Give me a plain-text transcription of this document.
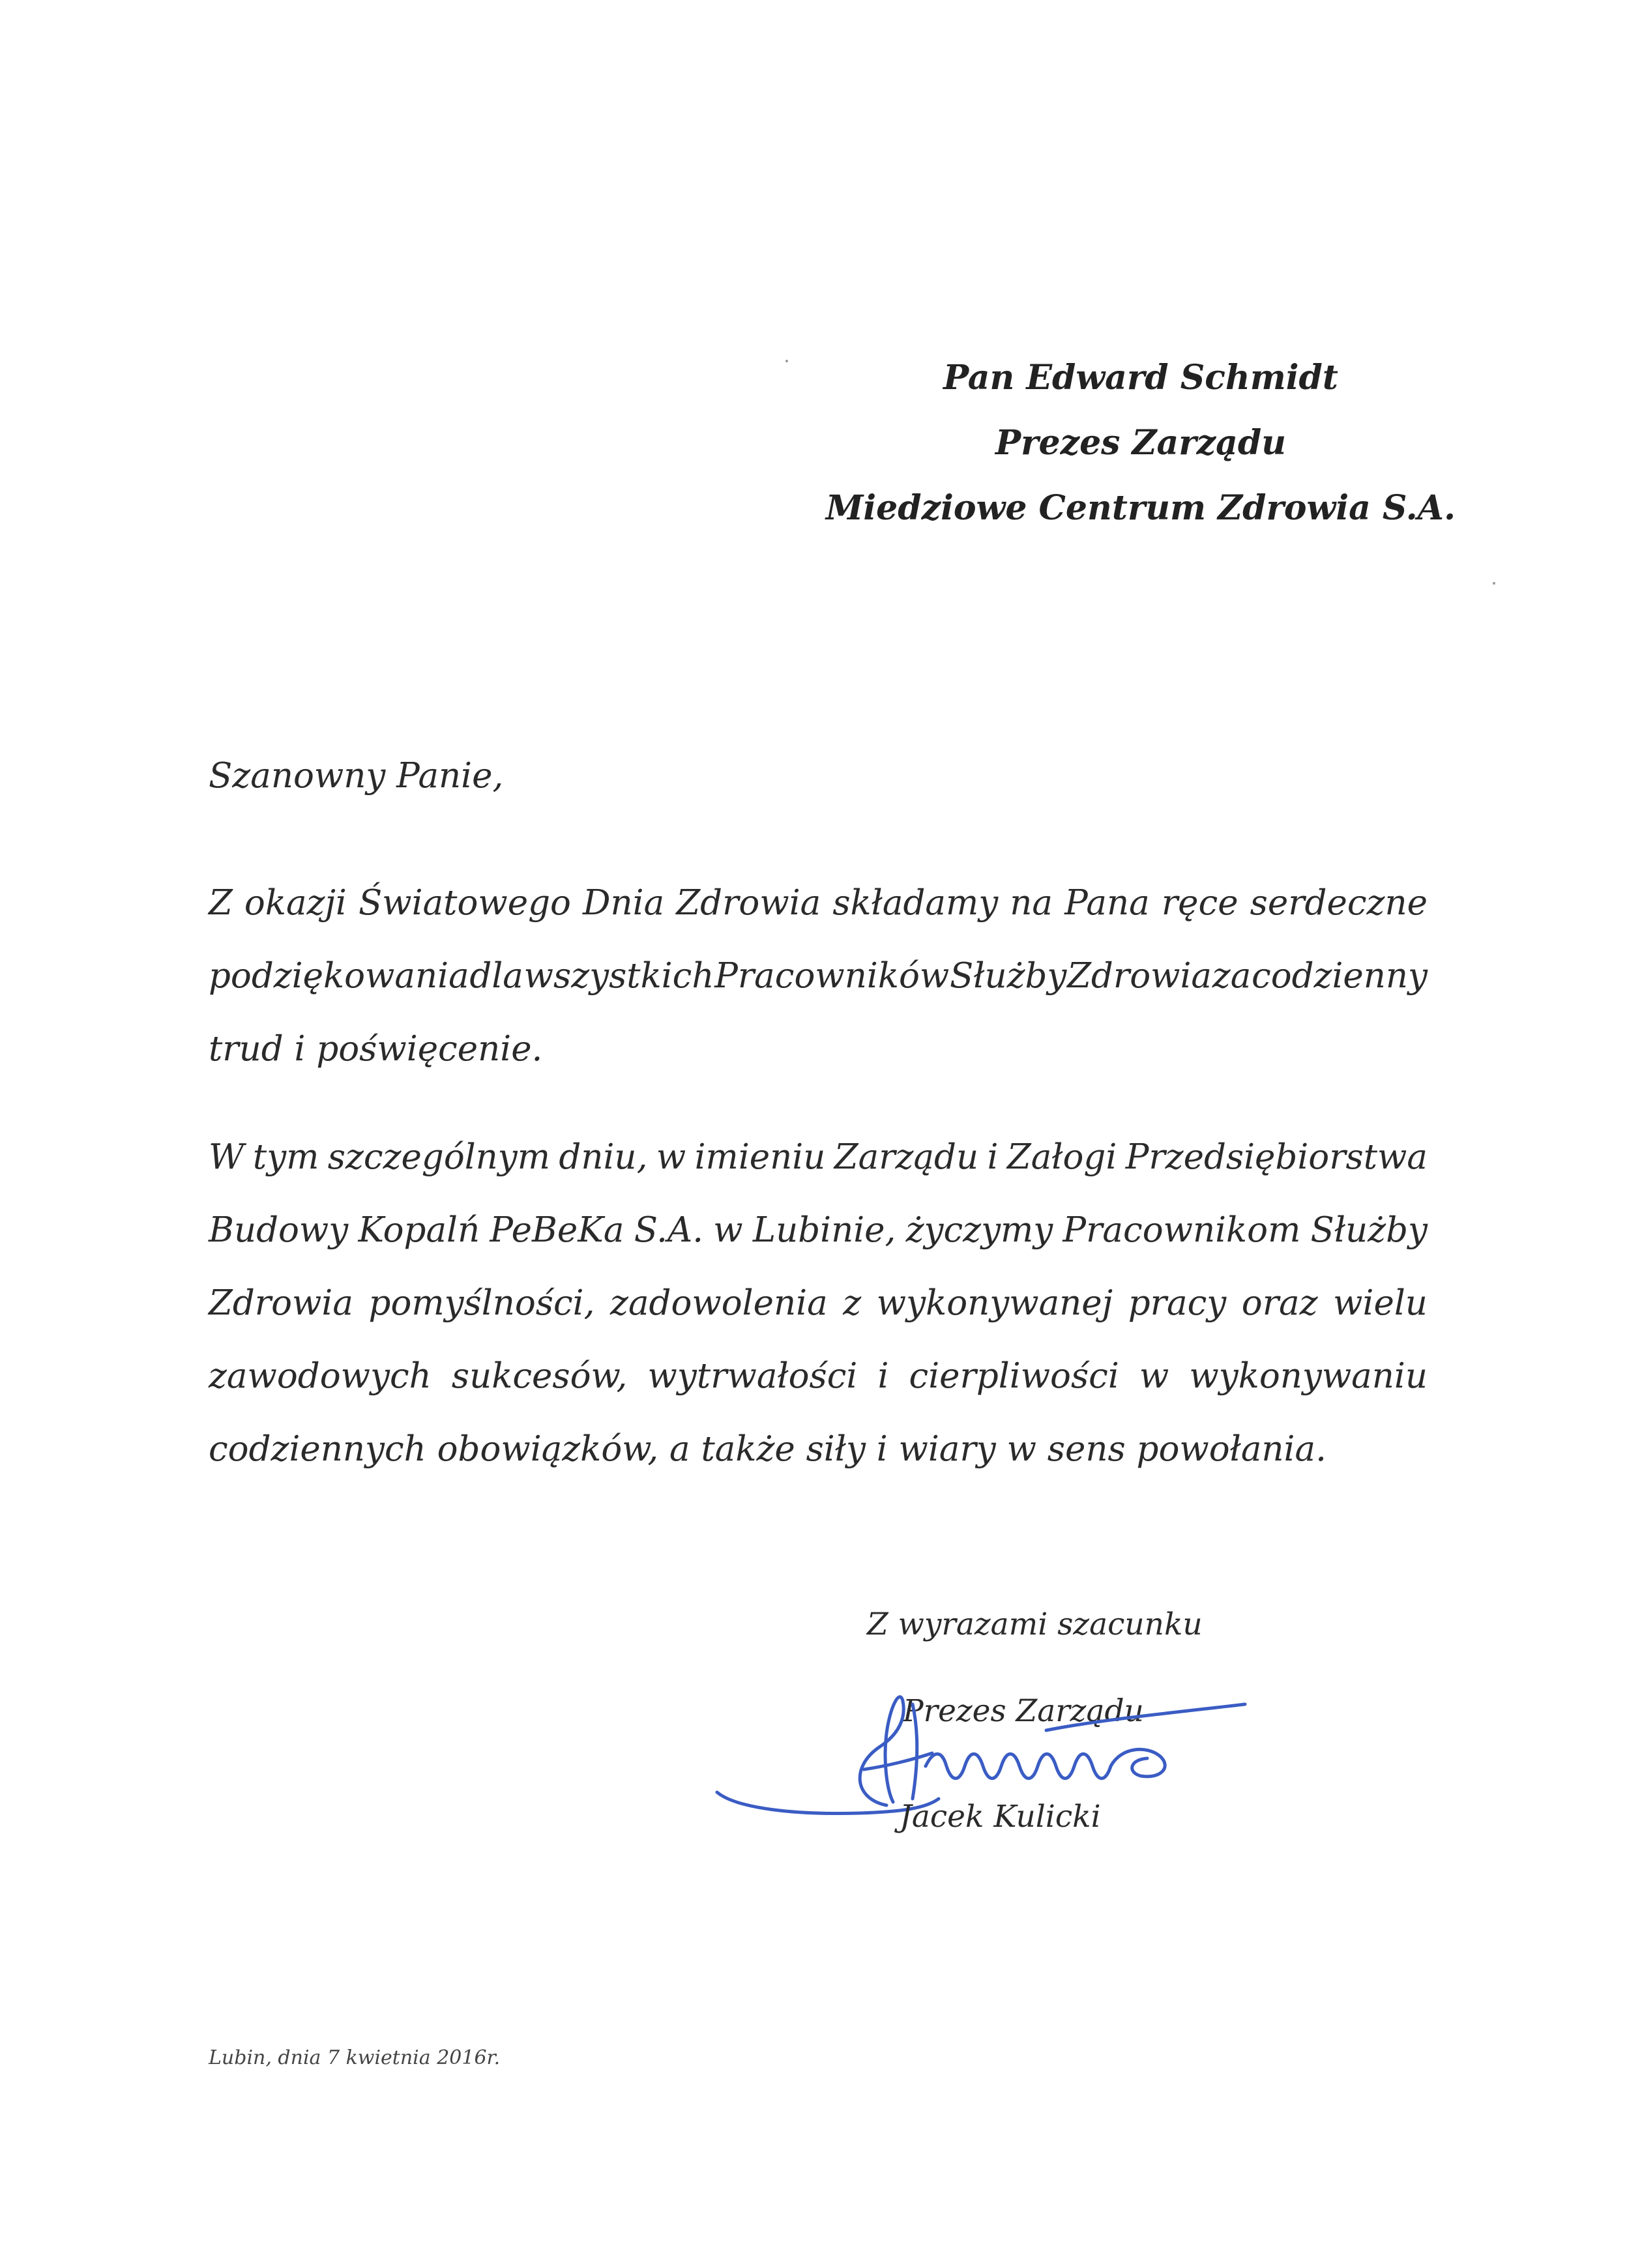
Pan Edward Schmidt
Prezes Zarządu
Miedziowe Centrum Zdrowia S.A.
Szanowny Panie,
Z okazji Światowego Dnia Zdrowia składamy na Pana ręce serdeczne
podziękowania dla wszystkich Pracowników Służby Zdrowia za codzienny
trud i poświęcenie.
W tym szczególnym dniu, w imieniu Zarządu i Załogi Przedsiębiorstwa
Budowy Kopalń PeBeKa S.A. w Lubinie, życzymy Pracownikom Służby
Zdrowia pomyślności, zadowolenia z wykonywanej pracy oraz wielu
zawodowych sukcesów, wytrwałości i cierpliwości w wykonywaniu
codziennych obowiązków, a także siły i wiary w sens powołania.
Z wyrazami szacunku
Prezes Zarządu
Jacek Kulicki
Lubin, dnia 7 kwietnia 2016r.
